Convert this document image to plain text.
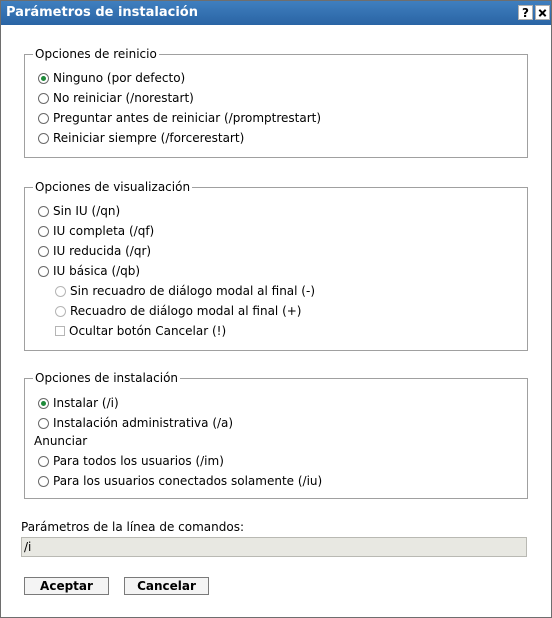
Parámetros de instalación	?
Opciones de reinicio
Ninguno (por defecto)
No reiniciar (/norestart)
Preguntar antes de reiniciar (/promptrestart)
Reiniciar siempre (/forcerestart)
Opciones de visualización
Sin IU (/qn)
IU completa (/qf)
IU reducida (/qr)
IU básica (/qb)
Sin recuadro de diálogo modal al final (-)
Recuadro de diálogo modal al final (+)
Ocultar botón Cancelar (!)
Opciones de instalación
Instalar (/i)
Instalación administrativa (/a)
Anunciar
Para todos los usuarios (/im)
Para los usuarios conectados solamente (/iu)
Parámetros de la línea de comandos:
/i
Aceptar	Cancelar
